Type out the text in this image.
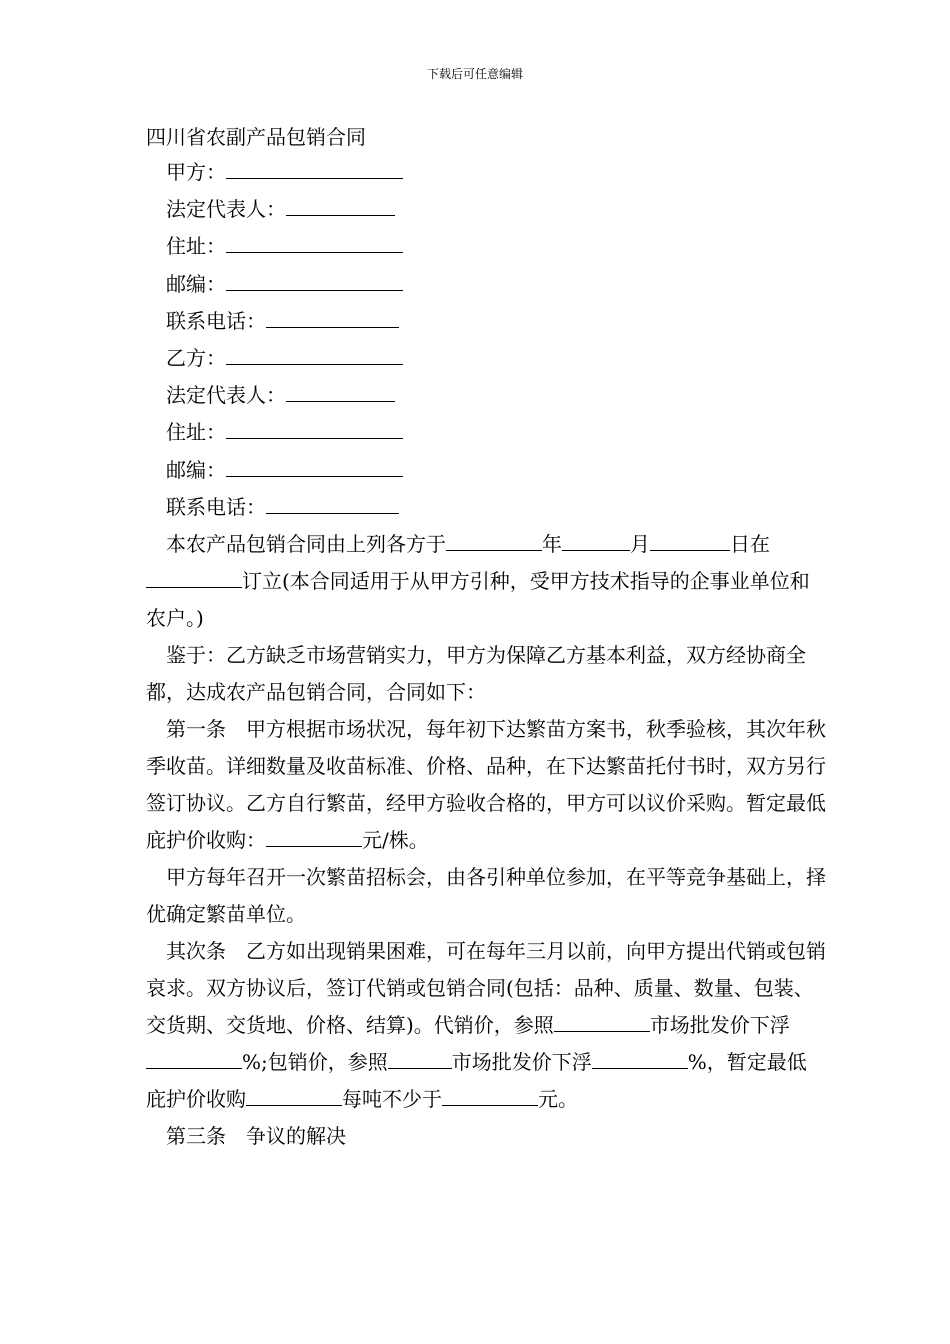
下载后可任意编辑
四川省农副产品包销合同
甲方：
法定代表人：
住址：
邮编：
联系电话：
乙方：
法定代表人：
住址：
邮编：
联系电话：

本农产品包销合同由上列各方于	年	月	日在订立(本合同适用于从甲方引种，受甲方技术指导的企事业单位和农户。)

鉴于：乙方缺乏市场营销实力，甲方为保障乙方基本利益，双方经协商全都，达成农产品包销合同，合同如下：

第一条　甲方根据市场状况，每年初下达繁苗方案书，秋季验核，其次年秋季收苗。详细数量及收苗标准、价格、品种，在下达繁苗托付书时，双方另行签订协议。乙方自行繁苗，经甲方验收合格的，甲方可以议价采购。暂定最低庇护价收购：	元/株。

甲方每年召开一次繁苗招标会，由各引种单位参加，在平等竞争基础上，择优确定繁苗单位。

其次条　乙方如出现销果困难，可在每年三月以前，向甲方提出代销或包销哀求。双方协议后，签订代销或包销合同(包括：品种、质量、数量、包装、交货期、交货地、价格、结算)。代销价，参照	市场批发价下浮%;包销价，参照	市场批发价下浮	%，暂定最低庇护价收购	每吨不少于	元。

第三条　争议的解决
